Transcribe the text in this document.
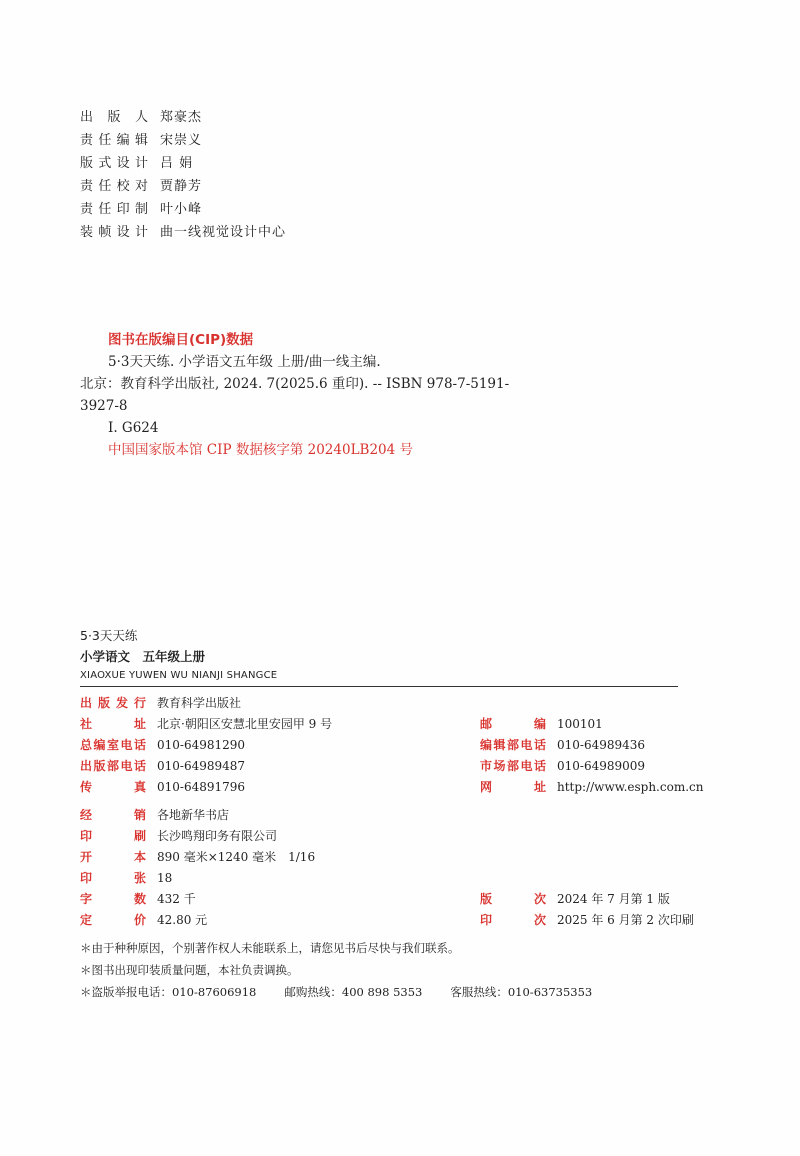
出版人 郑豪杰
责任编辑 宋崇义
版式设计 吕 娟
责任校对 贾静芳
责任印制 叶小峰
装帧设计 曲一线视觉设计中心
图书在版编目(CIP)数据
5·3天天练. 小学语文五年级 上册/曲一线主编.
北京：教育科学出版社, 2024. 7(2025.6 重印). -- ISBN 978-7-5191-
3927-8
Ⅰ. G624
中国国家版本馆 CIP 数据核字第 20240LB204 号
5·3天天练
小学语文　五年级上册
XIAOXUE YUWEN WU NIANJI SHANGCE
出版发行 教育科学出版社
社址 北京·朝阳区安慧北里安园甲 9 号
总编室电话 010-64981290
出版部电话 010-64989487
传真 010-64891796
邮编 100101
编辑部电话 010-64989436
市场部电话 010-64989009
网址 http://www.esph.com.cn
经销 各地新华书店
印刷 长沙鸣翔印务有限公司
开本 890 毫米×1240 毫米　1/16
印张 18
字数 432 千
定价 42.80 元
版次 2024 年 7 月第 1 版
印次 2025 年 6 月第 2 次印刷
＊由于种种原因，个别著作权人未能联系上，请您见书后尽快与我们联系。
＊图书出现印装质量问题，本社负责调换。
＊盗版举报电话：010-87606918 邮购热线：400 898 5353 客服热线：010-63735353
